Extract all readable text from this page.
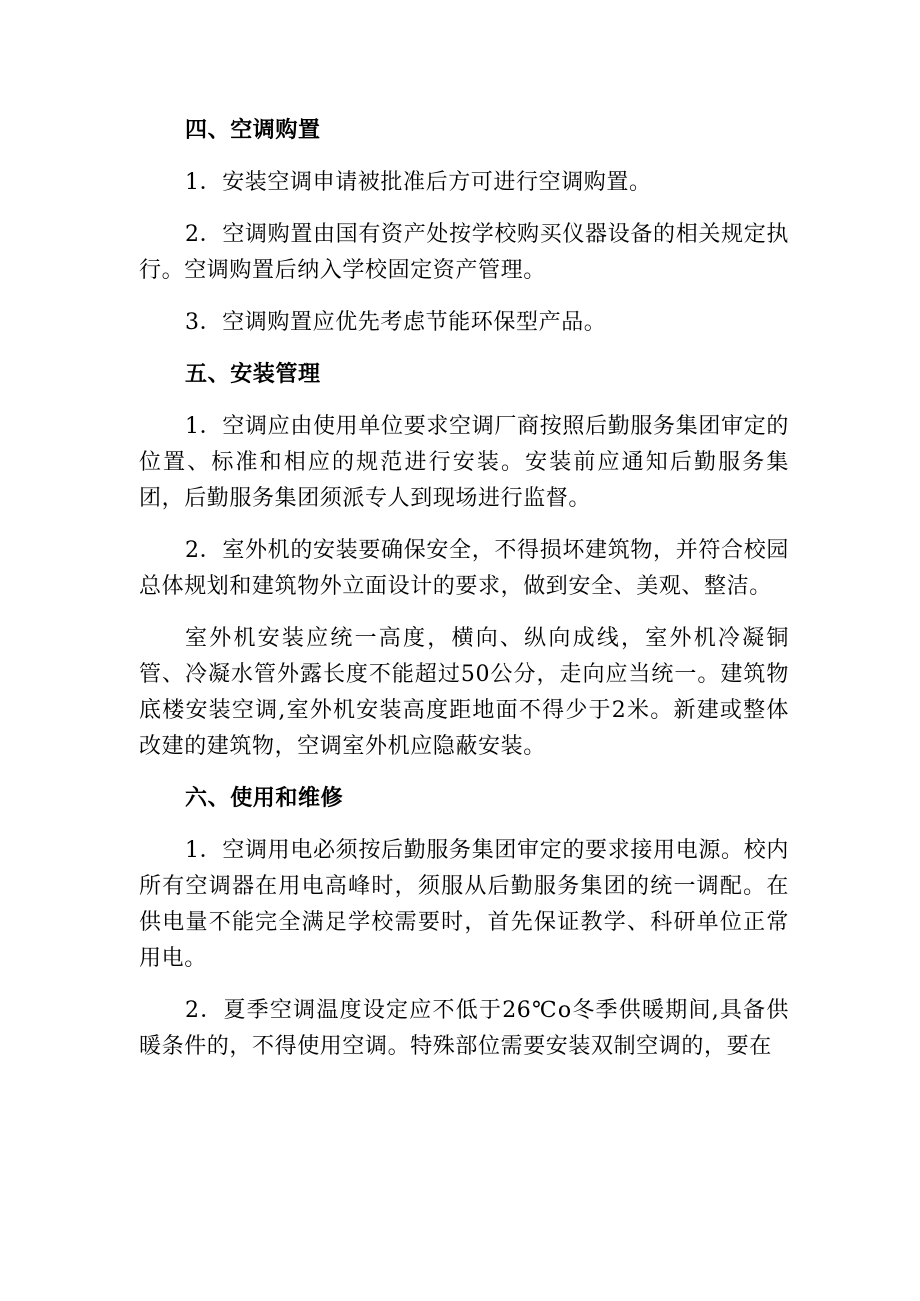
四、空调购置

1．安装空调申请被批准后方可进行空调购置。

2．空调购置由国有资产处按学校购买仪器设备的相关规定执行。空调购置后纳入学校固定资产管理。

3．空调购置应优先考虑节能环保型产品。

五、安装管理

1．空调应由使用单位要求空调厂商按照后勤服务集团审定的位置、标准和相应的规范进行安装。安装前应通知后勤服务集团，后勤服务集团须派专人到现场进行监督。

2．室外机的安装要确保安全，不得损坏建筑物，并符合校园总体规划和建筑物外立面设计的要求，做到安全、美观、整洁。

室外机安装应统一高度，横向、纵向成线，室外机冷凝铜管、冷凝水管外露长度不能超过50公分，走向应当统一。建筑物底楼安装空调,室外机安装高度距地面不得少于2米。新建或整体改建的建筑物，空调室外机应隐蔽安装。

六、使用和维修

1．空调用电必须按后勤服务集团审定的要求接用电源。校内所有空调器在用电高峰时，须服从后勤服务集团的统一调配。在供电量不能完全满足学校需要时，首先保证教学、科研单位正常用电。

2．夏季空调温度设定应不低于26℃o冬季供暖期间,具备供暖条件的，不得使用空调。特殊部位需要安装双制空调的，要在
